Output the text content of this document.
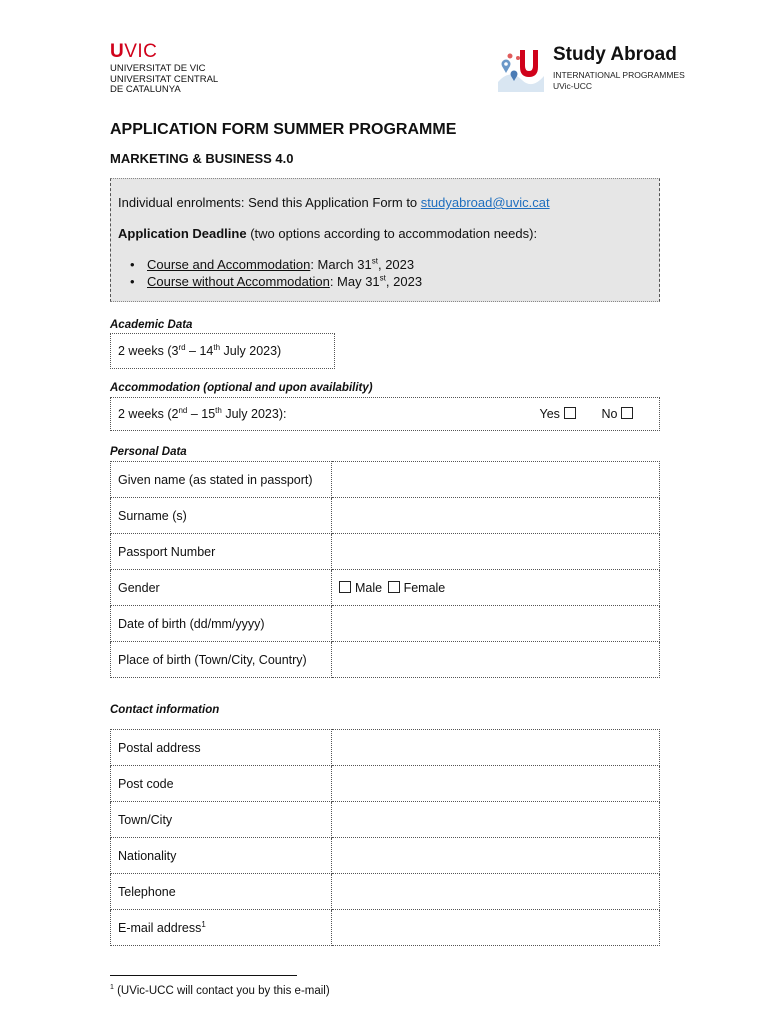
UVIC
UNIVERSITAT DE VIC
UNIVERSITAT CENTRAL
DE CATALUNYA
Study Abroad
INTERNATIONAL PROGRAMMES
UVic-UCC
APPLICATION FORM SUMMER PROGRAMME
MARKETING & BUSINESS 4.0
Individual enrolments: Send this Application Form to studyabroad@uvic.cat
Application Deadline (two options according to accommodation needs):
• Course and Accommodation: March 31st, 2023
• Course without Accommodation: May 31st, 2023
Academic Data
2 weeks (3rd – 14th July 2023)
Accommodation (optional and upon availability)
2 weeks (2nd – 15th July 2023):	Yes	No
Personal Data
Given name (as stated in passport)	
Surname (s)	
Passport Number	
Gender	Male Female
Date of birth (dd/mm/yyyy)	
Place of birth (Town/City, Country)	
Contact information
Postal address	
Post code	
Town/City	
Nationality	
Telephone	
E-mail address$^1$	
$^1$ (UVic-UCC will contact you by this e-mail)
